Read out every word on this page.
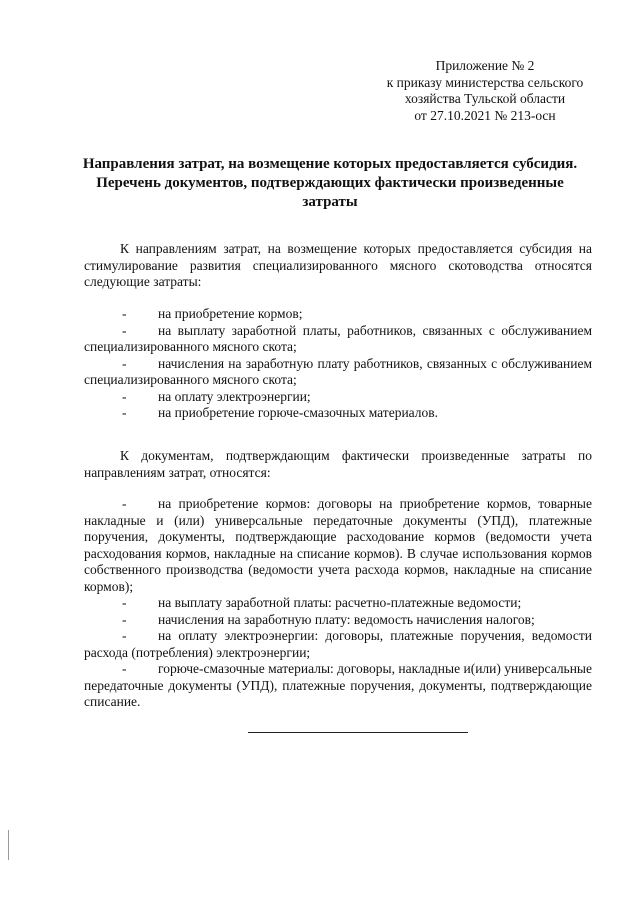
Приложение № 2
к приказу министерства сельского
хозяйства Тульской области
от 27.10.2021 № 213-осн
Направления затрат, на возмещение которых предоставляется субсидия.
Перечень документов, подтверждающих фактически произведенные
затраты
К направлениям затрат, на возмещение которых предоставляется субсидия на стимулирование развития специализированного мясного скотоводства относятся следующие затраты:
-	на приобретение кормов;
-	на выплату заработной платы, работников, связанных с обслуживанием специализированного мясного скота;
-	начисления на заработную плату работников, связанных с обслуживанием специализированного мясного скота;
-	на оплату электроэнергии;
-	на приобретение горюче-смазочных материалов.
К документам, подтверждающим фактически произведенные затраты по направлениям затрат, относятся:
-	на приобретение кормов: договоры на приобретение кормов, товарные накладные и (или) универсальные передаточные документы (УПД), платежные поручения, документы, подтверждающие расходование кормов (ведомости учета расходования кормов, накладные на списание кормов). В случае использования кормов собственного производства (ведомости учета расхода кормов, накладные на списание кормов);
-	на выплату заработной платы: расчетно-платежные ведомости;
-	начисления на заработную плату: ведомость начисления налогов;
-	на оплату электроэнергии: договоры, платежные поручения, ведомости расхода (потребления) электроэнергии;
-	горюче-смазочные материалы: договоры, накладные и(или) универсальные передаточные документы (УПД), платежные поручения, документы, подтверждающие списание.
